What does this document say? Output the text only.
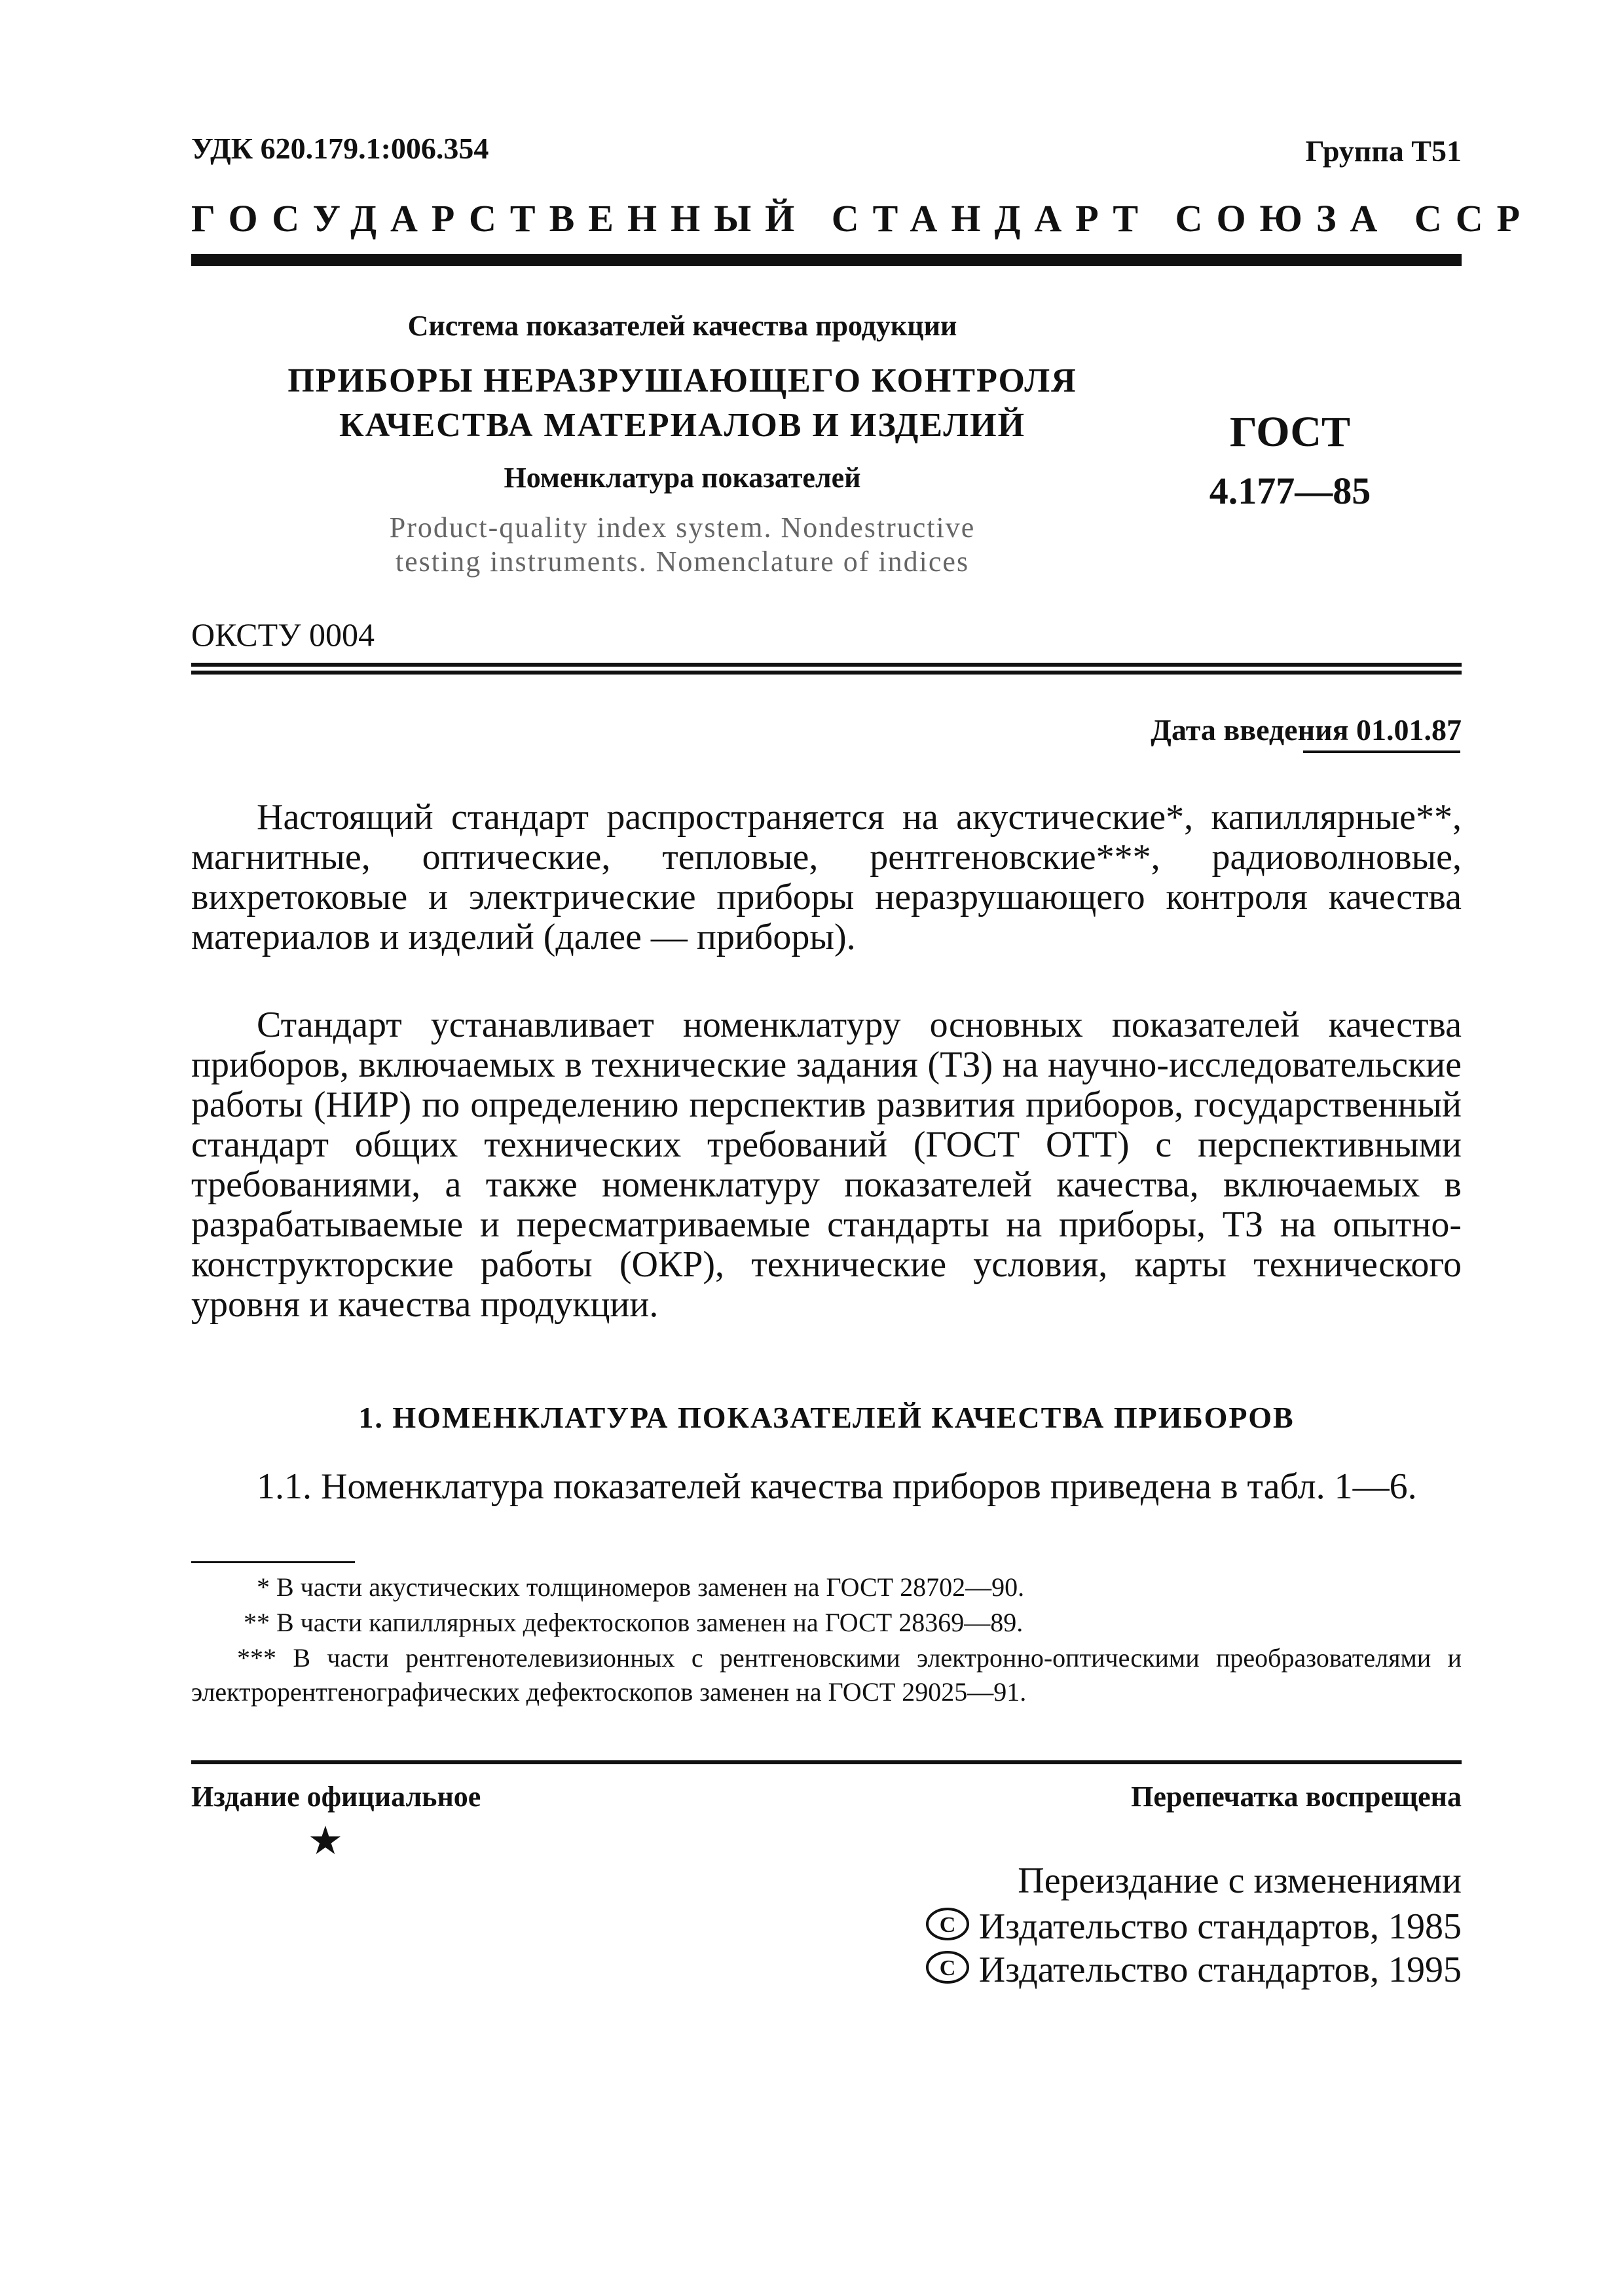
УДК 620.179.1:006.354	Группа Т51
ГОСУДАРСТВЕННЫЙ СТАНДАРТ СОЮЗА ССР
Система показателей качества продукции
ПРИБОРЫ НЕРАЗРУШАЮЩЕГО КОНТРОЛЯ
КАЧЕСТВА МАТЕРИАЛОВ И ИЗДЕЛИЙ
Номенклатура показателей
Product-quality index system. Nondestructive
testing instruments. Nomenclature of indices
ГОСТ
4.177—85
ОКСТУ 0004
Дата введения 01.01.87

Настоящий стандарт распространяется на акустические*, капиллярные**, магнитные, оптические, тепловые, рентгеновские***, радиоволновые, вихретоковые и электрические приборы неразрушающего контроля качества материалов и изделий (далее — приборы).

Стандарт устанавливает номенклатуру основных показателей качества приборов, включаемых в технические задания (ТЗ) на научно-исследовательские работы (НИР) по определению перспектив развития приборов, государственный стандарт общих технических требований (ГОСТ ОТТ) с перспективными требованиями, а также номенклатуру показателей качества, включаемых в разрабатываемые и пересматриваемые стандарты на приборы, ТЗ на опытно-конструкторские работы (ОКР), технические условия, карты технического уровня и качества продукции.

1. НОМЕНКЛАТУРА ПОКАЗАТЕЛЕЙ КАЧЕСТВА ПРИБОРОВ

1.1. Номенклатура показателей качества приборов приведена в табл. 1—6.

* В части акустических толщиномеров заменен на ГОСТ 28702—90.

** В части капиллярных дефектоскопов заменен на ГОСТ 28369—89.

*** В части рентгенотелевизионных с рентгеновскими электронно-оптическими преобразователями и электрорентгенографических дефектоскопов заменен на ГОСТ 29025—91.

Издание официальное	Перепечатка воспрещена
★
Переиздание с изменениями
C Издательство стандартов, 1985
C Издательство стандартов, 1995
